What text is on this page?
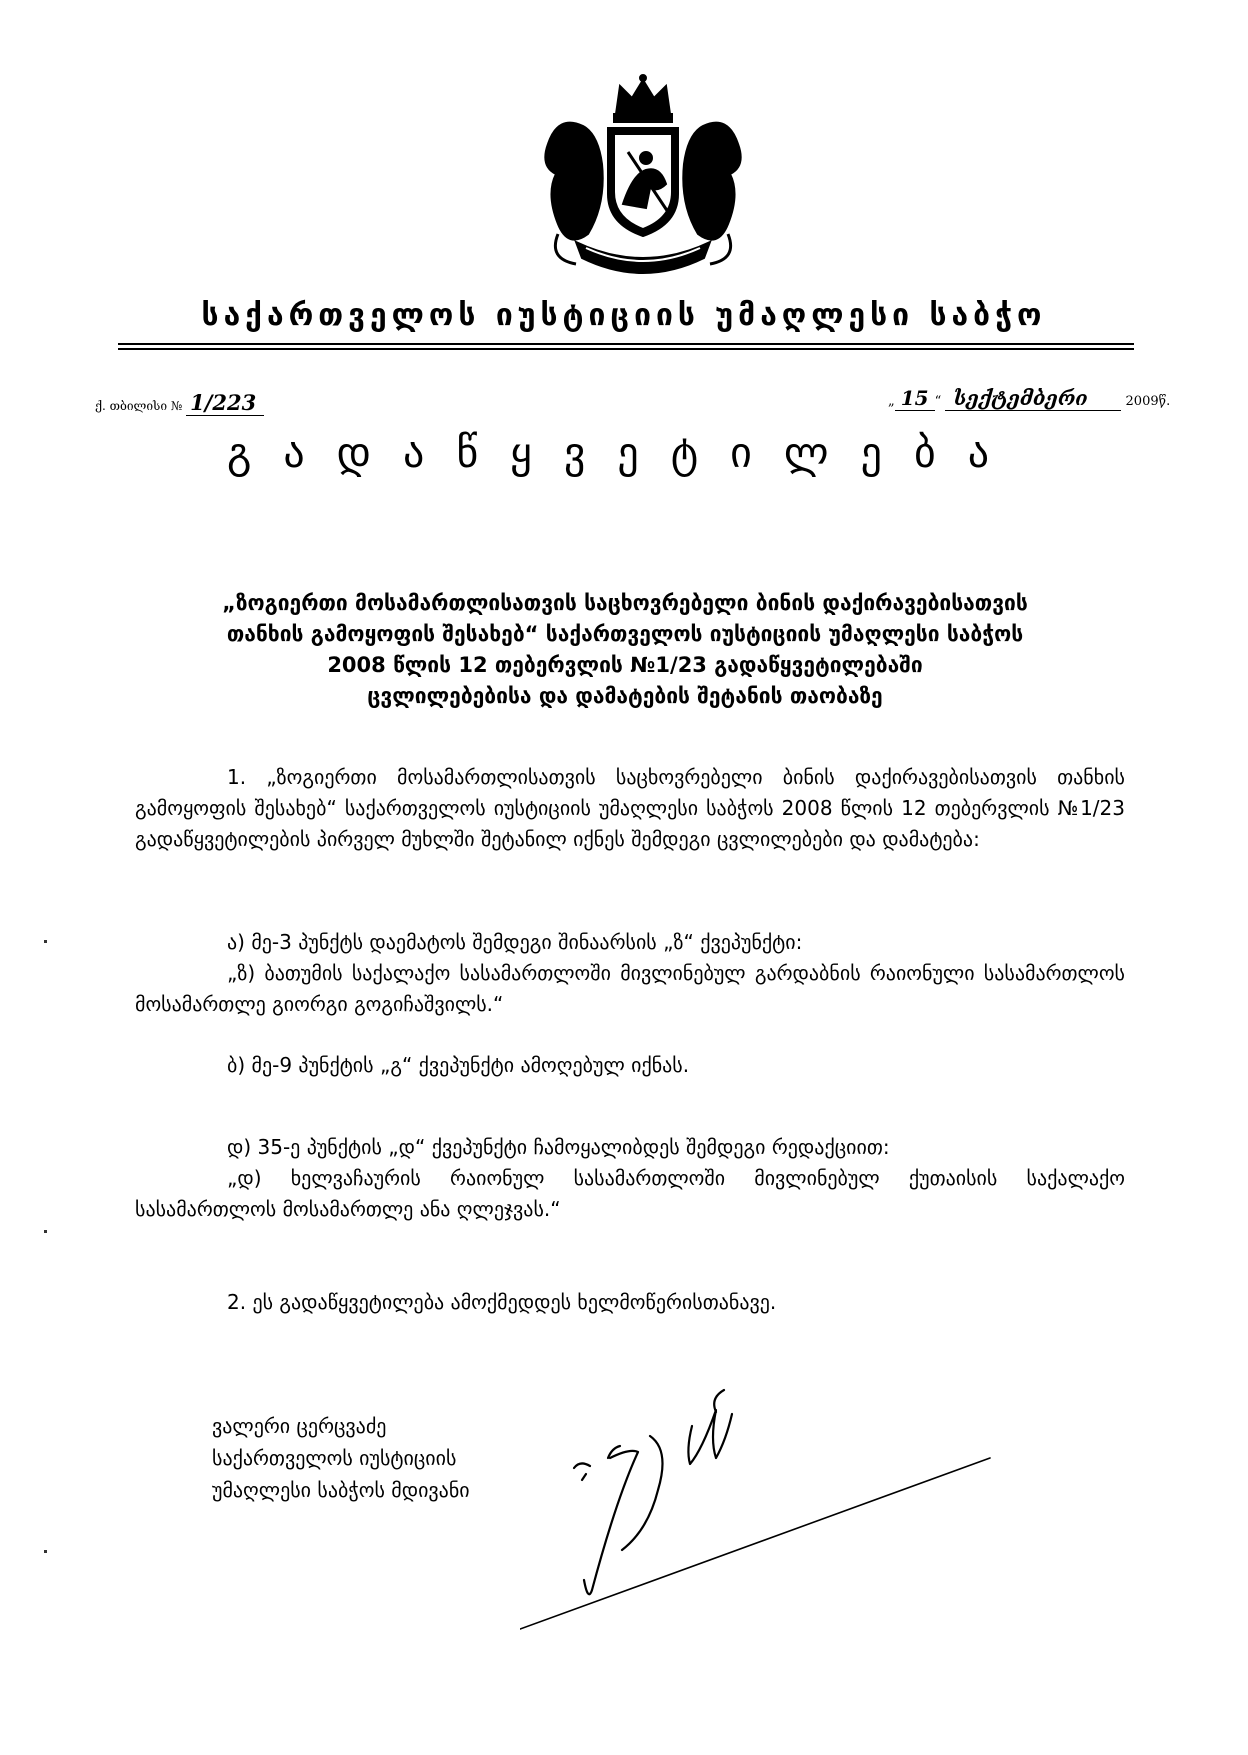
საქართველოს იუსტიციის უმაღლესი საბჭო
ქ. თბილისი № 1/223	„ 15 “ სექტემბერი	2009წ.
გადაწყვეტილება
„ზოგიერთი მოსამართლისათვის საცხოვრებელი ბინის დაქირავებისათვის
თანხის გამოყოფის შესახებ“ საქართველოს იუსტიციის უმაღლესი საბჭოს
2008 წლის 12 თებერვლის №1/23 გადაწყვეტილებაში
ცვლილებებისა და დამატების შეტანის თაობაზე

1. „ზოგიერთი მოსამართლისათვის საცხოვრებელი ბინის დაქირავებისათვის თანხის გამოყოფის შესახებ“ საქართველოს იუსტიციის უმაღლესი საბჭოს 2008 წლის 12 თებერვლის №1/23 გადაწყვეტილების პირველ მუხლში შეტანილ იქნეს შემდეგი ცვლილებები და დამატება:

ა) მე-3 პუნქტს დაემატოს შემდეგი შინაარსის „ზ“ ქვეპუნქტი:

„ზ) ბათუმის საქალაქო სასამართლოში მივლინებულ გარდაბნის რაიონული სასამართლოს მოსამართლე გიორგი გოგიჩაშვილს.“

ბ) მე-9 პუნქტის „გ“ ქვეპუნქტი ამოღებულ იქნას.

დ) 35-ე პუნქტის „დ“ ქვეპუნქტი ჩამოყალიბდეს შემდეგი რედაქციით:

„დ) ხელვაჩაურის რაიონულ სასამართლოში მივლინებულ ქუთაისის საქალაქო სასამართლოს მოსამართლე ანა ღლეჯვას.“

2. ეს გადაწყვეტილება ამოქმედდეს ხელმოწერისთანავე.

ვალერი ცერცვაძე
საქართველოს იუსტიციის
უმაღლესი საბჭოს მდივანი
